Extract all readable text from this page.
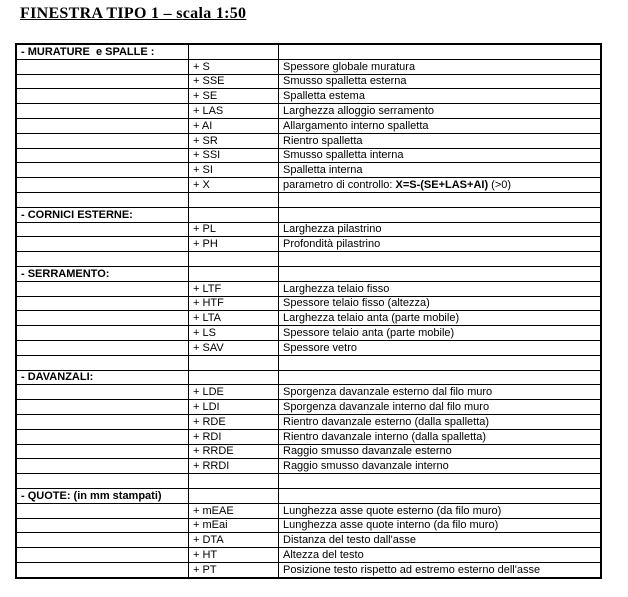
FINESTRA TIPO 1 – scala 1:50
- MURATURE  e SPALLE :		
	+ S	Spessore globale muratura
	+ SSE	Smusso spalletta esterna
	+ SE	Spalletta estema
	+ LAS	Larghezza alloggio serramento
	+ AI	Allargamento interno spalletta
	+ SR	Rientro spalletta
	+ SSI	Smusso spalletta interna
	+ SI	Spalletta interna
	+ X	parametro di controllo: X=S-(SE+LAS+AI) (>0)

- CORNICI ESTERNE:		
	+ PL	Larghezza pilastrino
	+ PH	Profondità pilastrino

- SERRAMENTO:		
	+ LTF	Larghezza telaio fisso
	+ HTF	Spessore telaio fisso (altezza)
	+ LTA	Larghezza telaio anta (parte mobile)
	+ LS	Spessore telaio anta (parte mobile)
	+ SAV	Spessore vetro

- DAVANZALI:		
	+ LDE	Sporgenza davanzale esterno dal filo muro
	+ LDI	Sporgenza davanzale interno dal filo muro
	+ RDE	Rientro davanzale esterno (dalla spalletta)
	+ RDI	Rientro davanzale interno (dalla spalletta)
	+ RRDE	Raggio smusso davanzale esterno
	+ RRDI	Raggio smusso davanzale interno

- QUOTE: (in mm stampati)		
	+ mEAE	Lunghezza asse quote esterno (da filo muro)
	+ mEai	Lunghezza asse quote interno (da filo muro)
	+ DTA	Distanza del testo dall'asse
	+ HT	Altezza del testo
	+ PT	Posizione testo rispetto ad estremo esterno dell'asse
